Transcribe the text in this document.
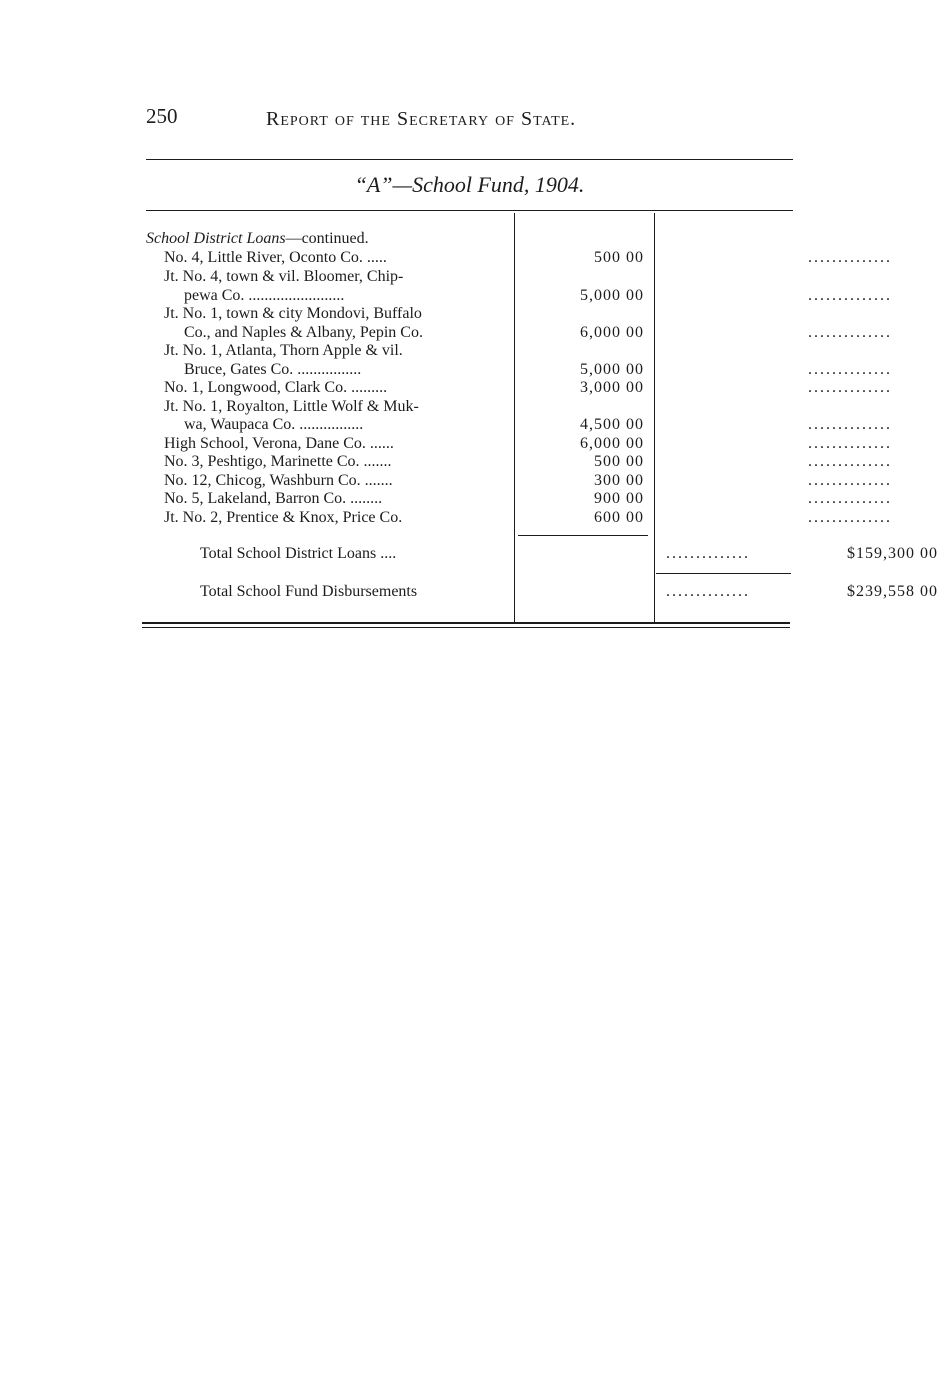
250	Report of the Secretary of State.
“A”—School Fund, 1904.
School District Loans—continued.
No. 4, Little River, Oconto Co. .....	500 00	..............
Jt. No. 4, town & vil. Bloomer, Chip-
pewa Co. ........................	5,000 00	..............
Jt. No. 1, town & city Mondovi, Buffalo
Co., and Naples & Albany, Pepin Co.	6,000 00	..............
Jt. No. 1, Atlanta, Thorn Apple & vil.
Bruce, Gates Co. ................	5,000 00	..............
No. 1, Longwood, Clark Co. .........	3,000 00	..............
Jt. No. 1, Royalton, Little Wolf & Muk-
wa, Waupaca Co. ................	4,500 00	..............
High School, Verona, Dane Co. ......	6,000 00	..............
No. 3, Peshtigo, Marinette Co. .......	500 00	..............
No. 12, Chicog, Washburn Co. .......	300 00	..............
No. 5, Lakeland, Barron Co. ........	900 00	..............
Jt. No. 2, Prentice & Knox, Price Co.	600 00	..............
Total School District Loans ....	..............	$159,300 00
Total School Fund Disbursements	..............	$239,558 00
